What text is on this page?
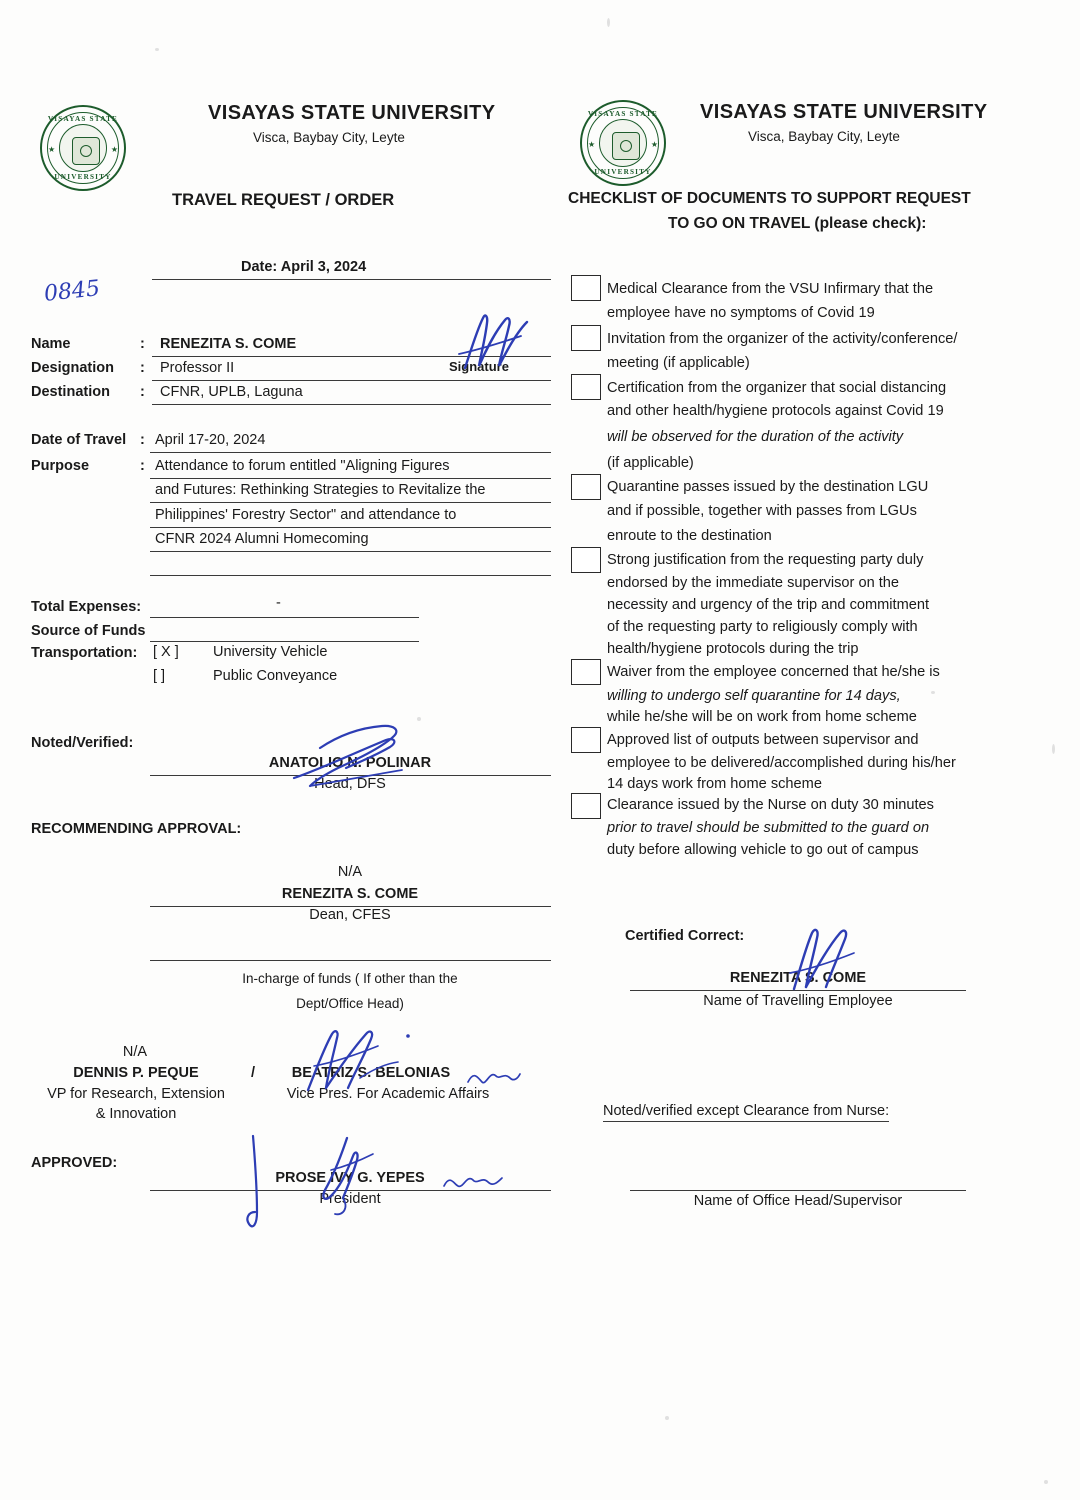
VISAYAS STATE
UNIVERSITY
★	★
VISAYAS STATE
UNIVERSITY
★	★
VISAYAS STATE UNIVERSITY
Visca, Baybay City, Leyte
TRAVEL REQUEST / ORDER
VISAYAS STATE UNIVERSITY
Visca, Baybay City, Leyte
CHECKLIST OF DOCUMENTS TO SUPPORT REQUEST
TO GO ON TRAVEL (please check):
Date: April 3, 2024
0845
Name	: RENEZITA S. COME
Designation : Professor II
Destination : CFNR, UPLB, Laguna
Signature
Date of Travel : April 17-20, 2024
Purpose	: Attendance to forum entitled "Aligning Figures
and Futures: Rethinking Strategies to Revitalize the
Philippines' Forestry Sector" and attendance to
CFNR 2024 Alumni Homecoming
Total Expenses:	-
Source of Funds
Transportation: [ X ] University Vehicle
[ ]	Public Conveyance
Noted/Verified:
ANATOLIO N. POLINAR
Head, DFS
RECOMMENDING APPROVAL:
N/A
RENEZITA S. COME
Dean, CFES
In-charge of funds ( If other than the
Dept/Office Head)
N/A
DENNIS P. PEQUE	/	BEATRIZ S. BELONIAS
VP for Research, Extension
& Innovation
Vice Pres. For Academic Affairs
APPROVED:
PROSE IVY G. YEPES
President
Medical Clearance from the VSU Infirmary that the
employee have no symptoms of Covid 19
Invitation from the organizer of the activity/conference/
meeting (if applicable)
Certification from the organizer that social distancing
and other health/hygiene protocols against Covid 19
will be observed for the duration of the activity
(if applicable)
Quarantine passes issued by the destination LGU
and if possible, together with passes from LGUs
enroute to the destination
Strong justification from the requesting party duly
endorsed by the immediate supervisor on the
necessity and urgency of the trip and commitment
of the requesting party to religiously comply with
health/hygiene protocols during the trip
Waiver from the employee concerned that he/she is
willing to undergo self quarantine for 14 days,
while he/she will be on work from home scheme
Approved list of outputs between supervisor and
employee to be delivered/accomplished during his/her
14 days work from home scheme
Clearance issued by the Nurse on duty 30 minutes
prior to travel should be submitted to the guard on
duty before allowing vehicle to go out of campus
Certified Correct:
RENEZITA S. COME
Name of Travelling Employee
Noted/verified except Clearance from Nurse:
Name of Office Head/Supervisor
